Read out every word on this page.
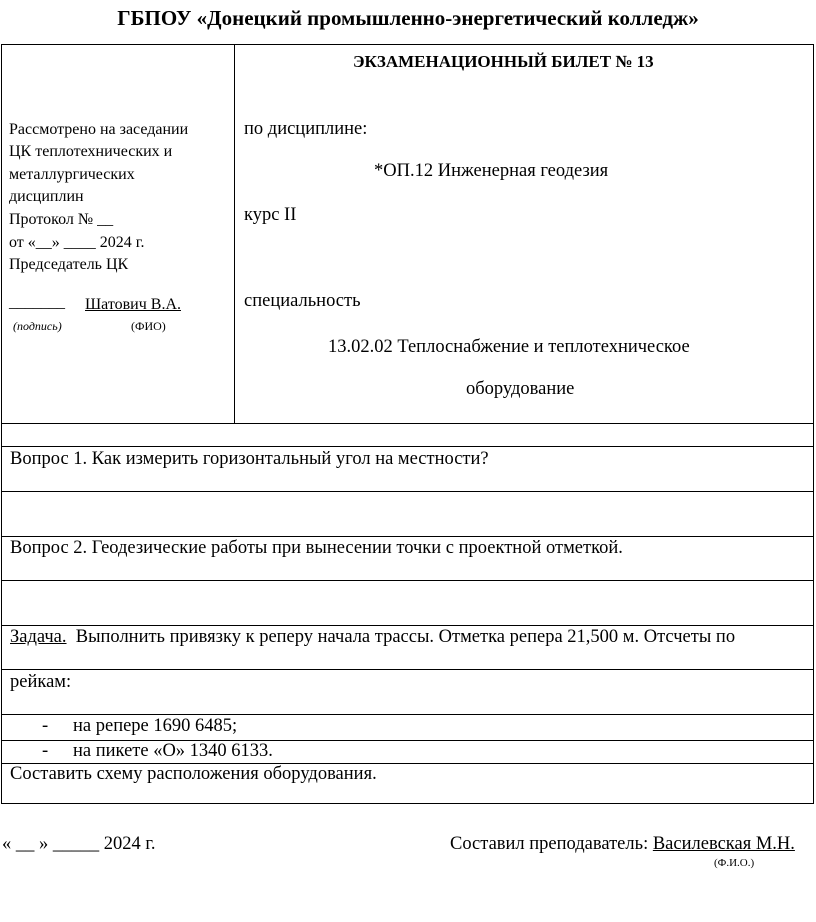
ГБПОУ «Донецкий промышленно-энергетический колледж»
Рассмотрено на заседании
ЦК теплотехнических и
металлургических
дисциплин
Протокол № __
от «__» ____ 2024 г.
Председатель ЦК
_______ Шатович В.А.
(подпись)	(ФИО)
ЭКЗАМЕНАЦИОННЫЙ БИЛЕТ № 13
по дисциплине:
*ОП.12 Инженерная геодезия
курс II
специальность
13.02.02 Теплоснабжение и теплотехническое
оборудование
Вопрос 1. Как измерить горизонтальный угол на местности?
Вопрос 2. Геодезические работы при вынесении точки с проектной отметкой.
Задача.  Выполнить привязку к реперу начала трассы. Отметка репера 21,500 м. Отсчеты по
рейкам:
- на репере 1690 6485;
- на пикете «О» 1340 6133.
Составить схему расположения оборудования.
« __ » _____ 2024 г.	Составил преподаватель: Василевская М.Н.
(Ф.И.О.)
